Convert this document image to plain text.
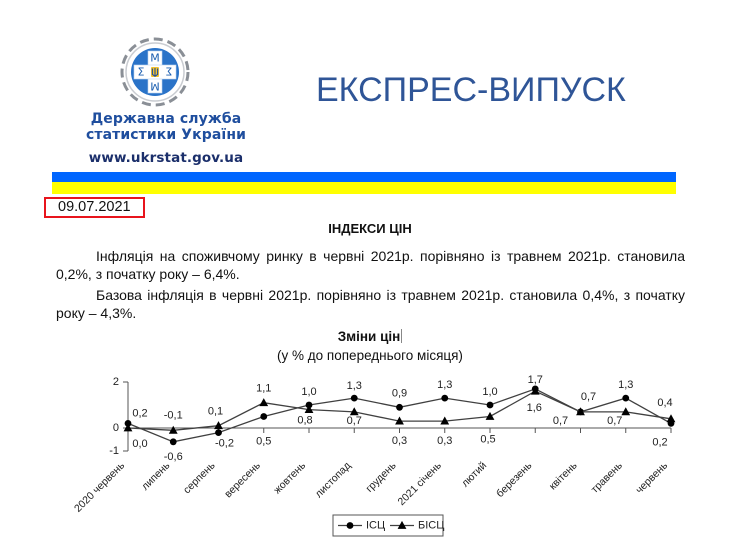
М
Σ Σ
М
Державна служба
статистики України
www.ukrstat.gov.ua
ЕКСПРЕС-ВИПУСК
09.07.2021
ІНДЕКСИ ЦІН

Інфляція на споживчому ринку в червні 2021р. порівняно із травнем 2021р. становила
0,2%, з початку року – 6,4%.

Базова інфляція в червні 2021р. порівняно із травнем 2021р. становила 0,4%, з початку
року – 4,3%.

Зміни цін
(у % до попереднього місяця)
2
0
-1
0,2
-0,6
-0,2 0,5
1,0	1,3
0,9
1,3
1,0
1,7
0,7
1,3
0,2
0,0
-0,1 0,1
1,1
0,8	0,7
0,3	0,3	0,5
1,6
0,7	0,7
0,4
2020 червень липень серпень вересень жовтень листопад грудень
2021 січень лютий березень квітень травень червень
ІСЦ	БІСЦ
